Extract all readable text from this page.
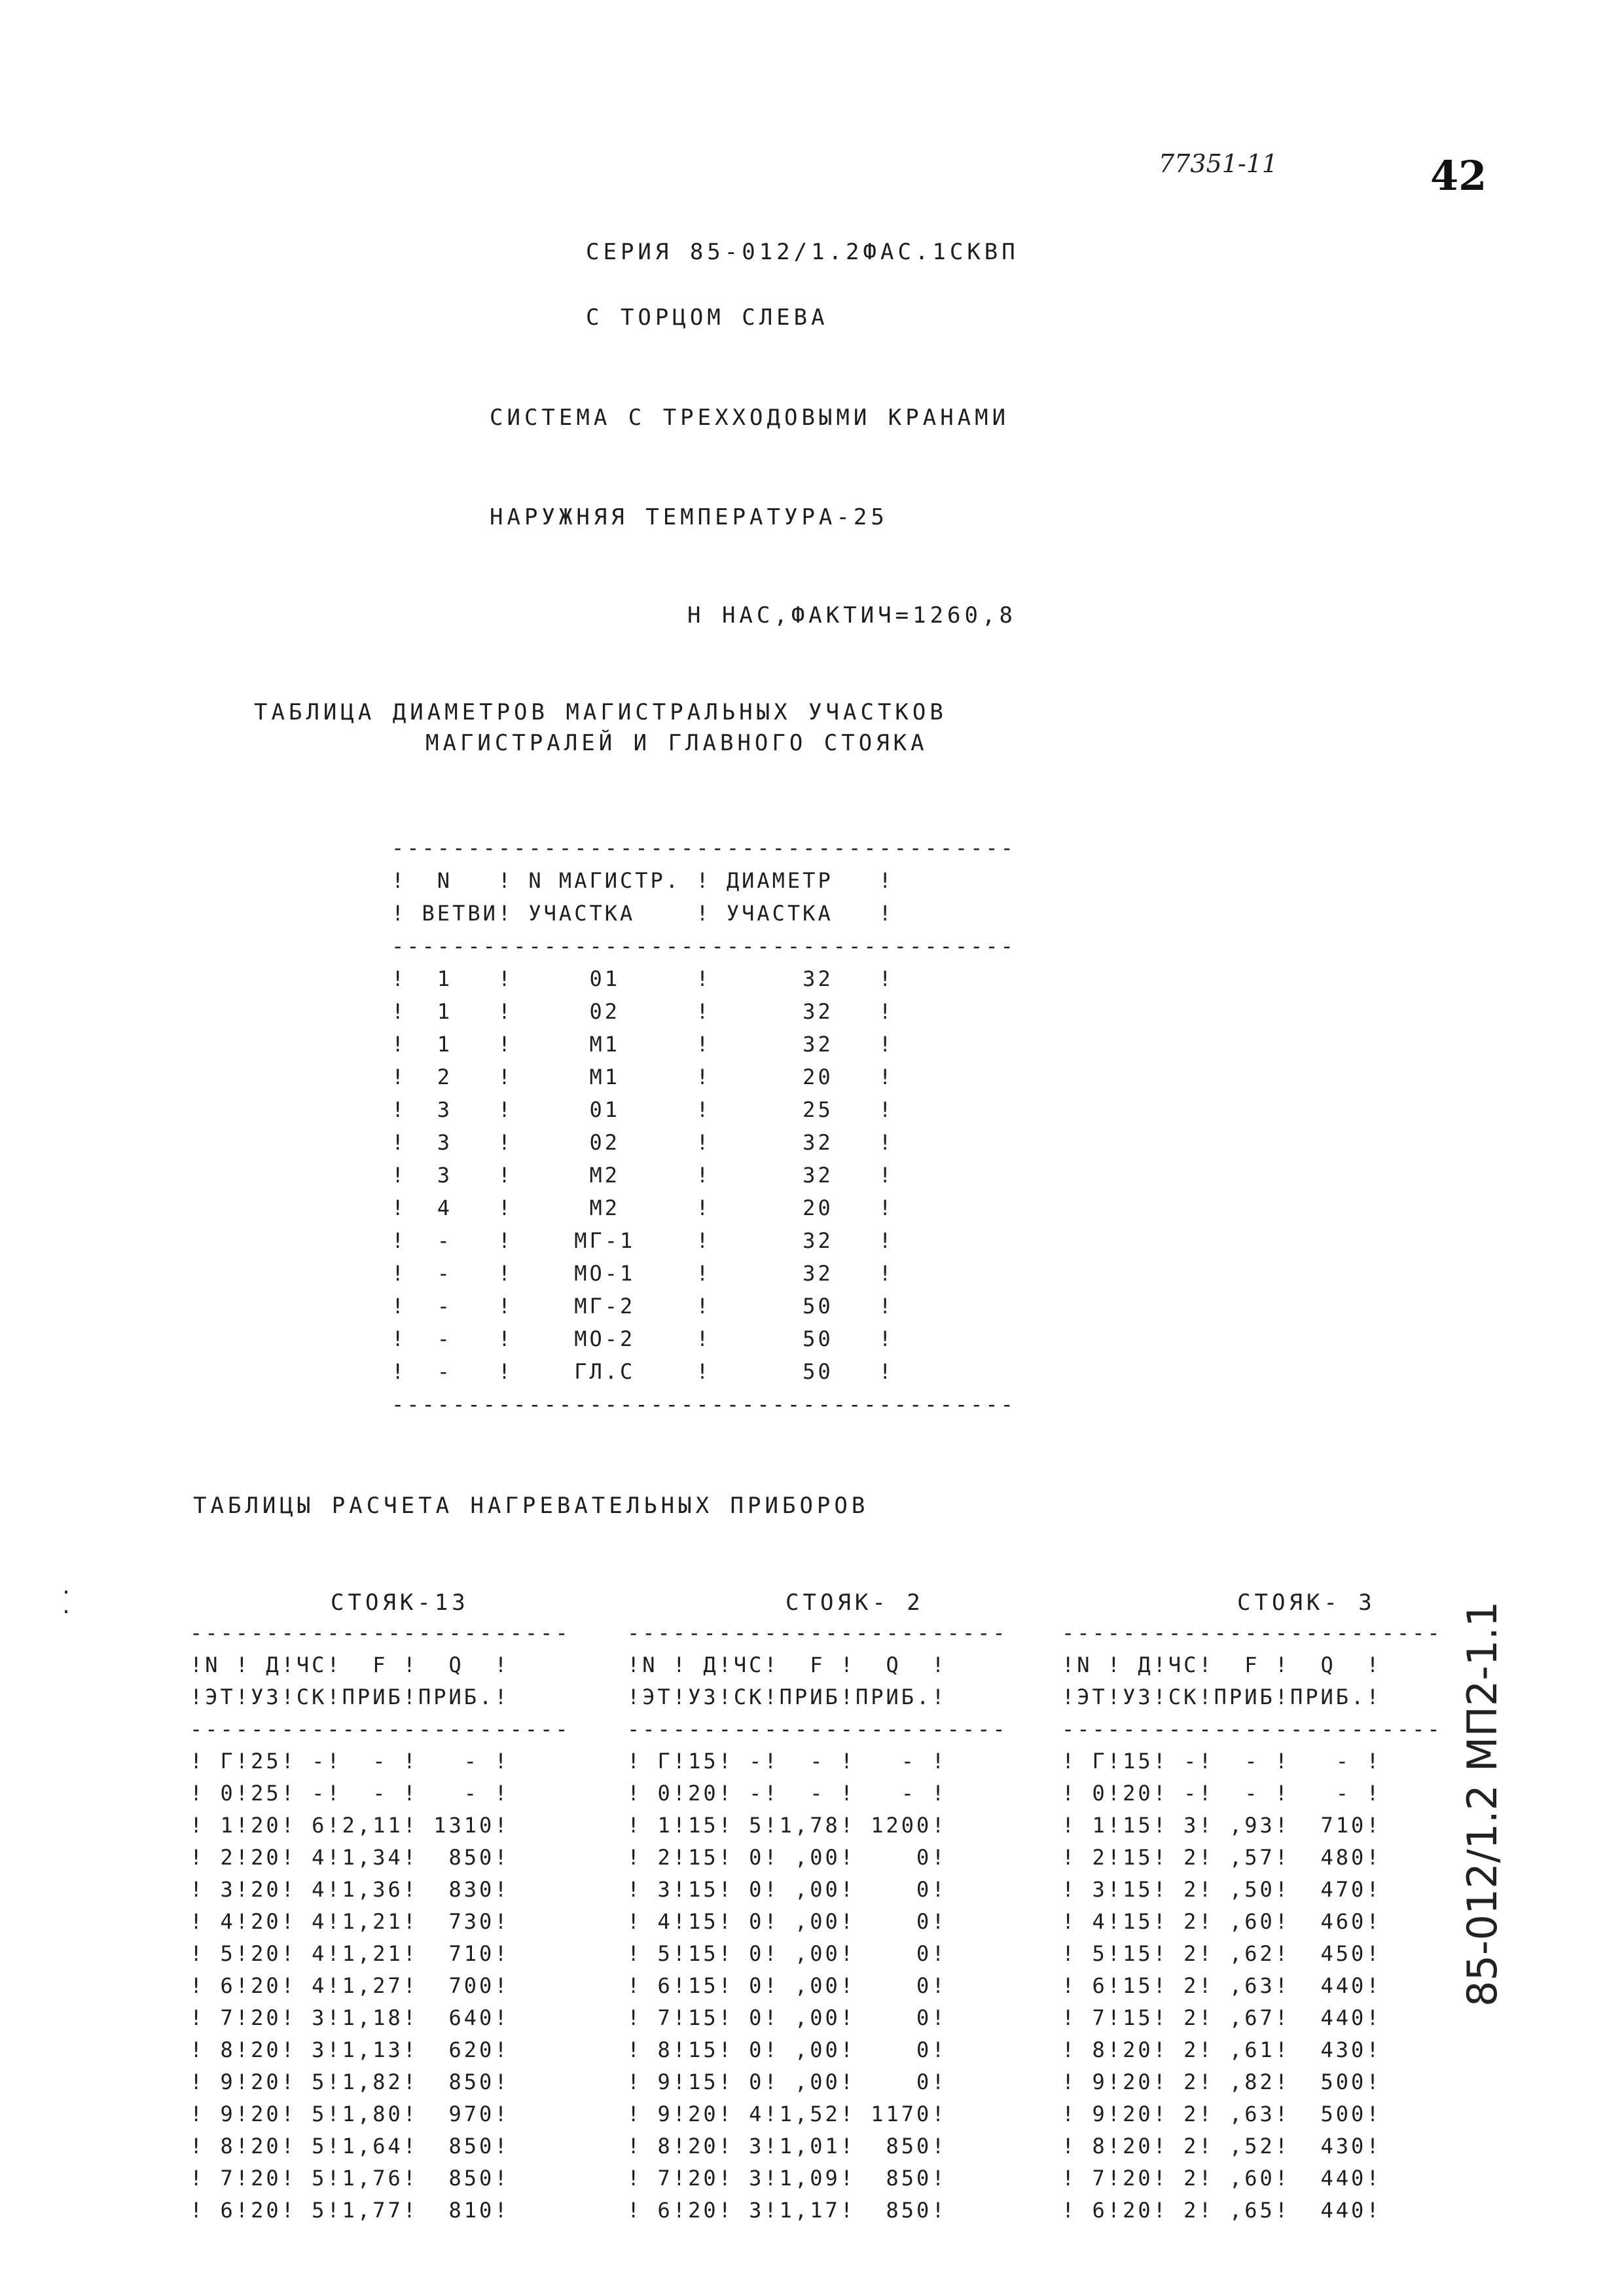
77351-11	42
СЕРИЯ 85-012/1.2ФАС.1СКВП
С ТОРЦОМ СЛЕВА
СИСТЕМА С ТРЕХХОДОВЫМИ КРАНАМИ
НАРУЖНЯЯ ТЕМПЕРАТУРА-25
Н НАС,ФАКТИЧ=1260,8
ТАБЛИЦА ДИАМЕТРОВ МАГИСТРАЛЬНЫХ УЧАСТКОВ
МАГИСТРАЛЕЙ И ГЛАВНОГО СТОЯКА
-----------------------------------------
!  N   ! N МАГИСТР. ! ДИАМЕТР   !
! ВЕТВИ! УЧАСТКА    ! УЧАСТКА   !
-----------------------------------------
!  1   !     01     !      32   !
!  1   !     02     !      32   !
!  1   !     М1     !      32   !
!  2   !     М1     !      20   !
!  3   !     01     !      25   !
!  3   !     02     !      32   !
!  3   !     М2     !      32   !
!  4   !     М2     !      20   !
!  -   !    МГ-1    !      32   !
!  -   !    МО-1    !      32   !
!  -   !    МГ-2    !      50   !
!  -   !    МО-2    !      50   !
!  -   !    ГЛ.С    !      50   !
-----------------------------------------
ТАБЛИЦЫ РАСЧЕТА НАГРЕВАТЕЛЬНЫХ ПРИБОРОВ
СТОЯК-13	СТОЯК- 2	СТОЯК- 3
-------------------------
!N ! Д!ЧС!  F !  Q  !
!ЭТ!УЗ!СК!ПРИБ!ПРИБ.!
-------------------------
! Г!25! -!  - !   - !
! 0!25! -!  - !   - !
! 1!20! 6!2,11! 1310!
! 2!20! 4!1,34!  850!
! 3!20! 4!1,36!  830!
! 4!20! 4!1,21!  730!
! 5!20! 4!1,21!  710!
! 6!20! 4!1,27!  700!
! 7!20! 3!1,18!  640!
! 8!20! 3!1,13!  620!
! 9!20! 5!1,82!  850!
! 9!20! 5!1,80!  970!
! 8!20! 5!1,64!  850!
! 7!20! 5!1,76!  850!
! 6!20! 5!1,77!  810!
-------------------------
!N ! Д!ЧС!  F !  Q  !
!ЭТ!УЗ!СК!ПРИБ!ПРИБ.!
-------------------------
! Г!15! -!  - !   - !
! 0!20! -!  - !   - !
! 1!15! 5!1,78! 1200!
! 2!15! 0! ,00!    0!
! 3!15! 0! ,00!    0!
! 4!15! 0! ,00!    0!
! 5!15! 0! ,00!    0!
! 6!15! 0! ,00!    0!
! 7!15! 0! ,00!    0!
! 8!15! 0! ,00!    0!
! 9!15! 0! ,00!    0!
! 9!20! 4!1,52! 1170!
! 8!20! 3!1,01!  850!
! 7!20! 3!1,09!  850!
! 6!20! 3!1,17!  850!
-------------------------
!N ! Д!ЧС!  F !  Q  !
!ЭТ!УЗ!СК!ПРИБ!ПРИБ.!
-------------------------
! Г!15! -!  - !   - !
! 0!20! -!  - !   - !
! 1!15! 3! ,93!  710!
! 2!15! 2! ,57!  480!
! 3!15! 2! ,50!  470!
! 4!15! 2! ,60!  460!
! 5!15! 2! ,62!  450!
! 6!15! 2! ,63!  440!
! 7!15! 2! ,67!  440!
! 8!20! 2! ,61!  430!
! 9!20! 2! ,82!  500!
! 9!20! 2! ,63!  500!
! 8!20! 2! ,52!  430!
! 7!20! 2! ,60!  440!
! 6!20! 2! ,65!  440!
.
.	85-012/1.2 МП2-1.1
